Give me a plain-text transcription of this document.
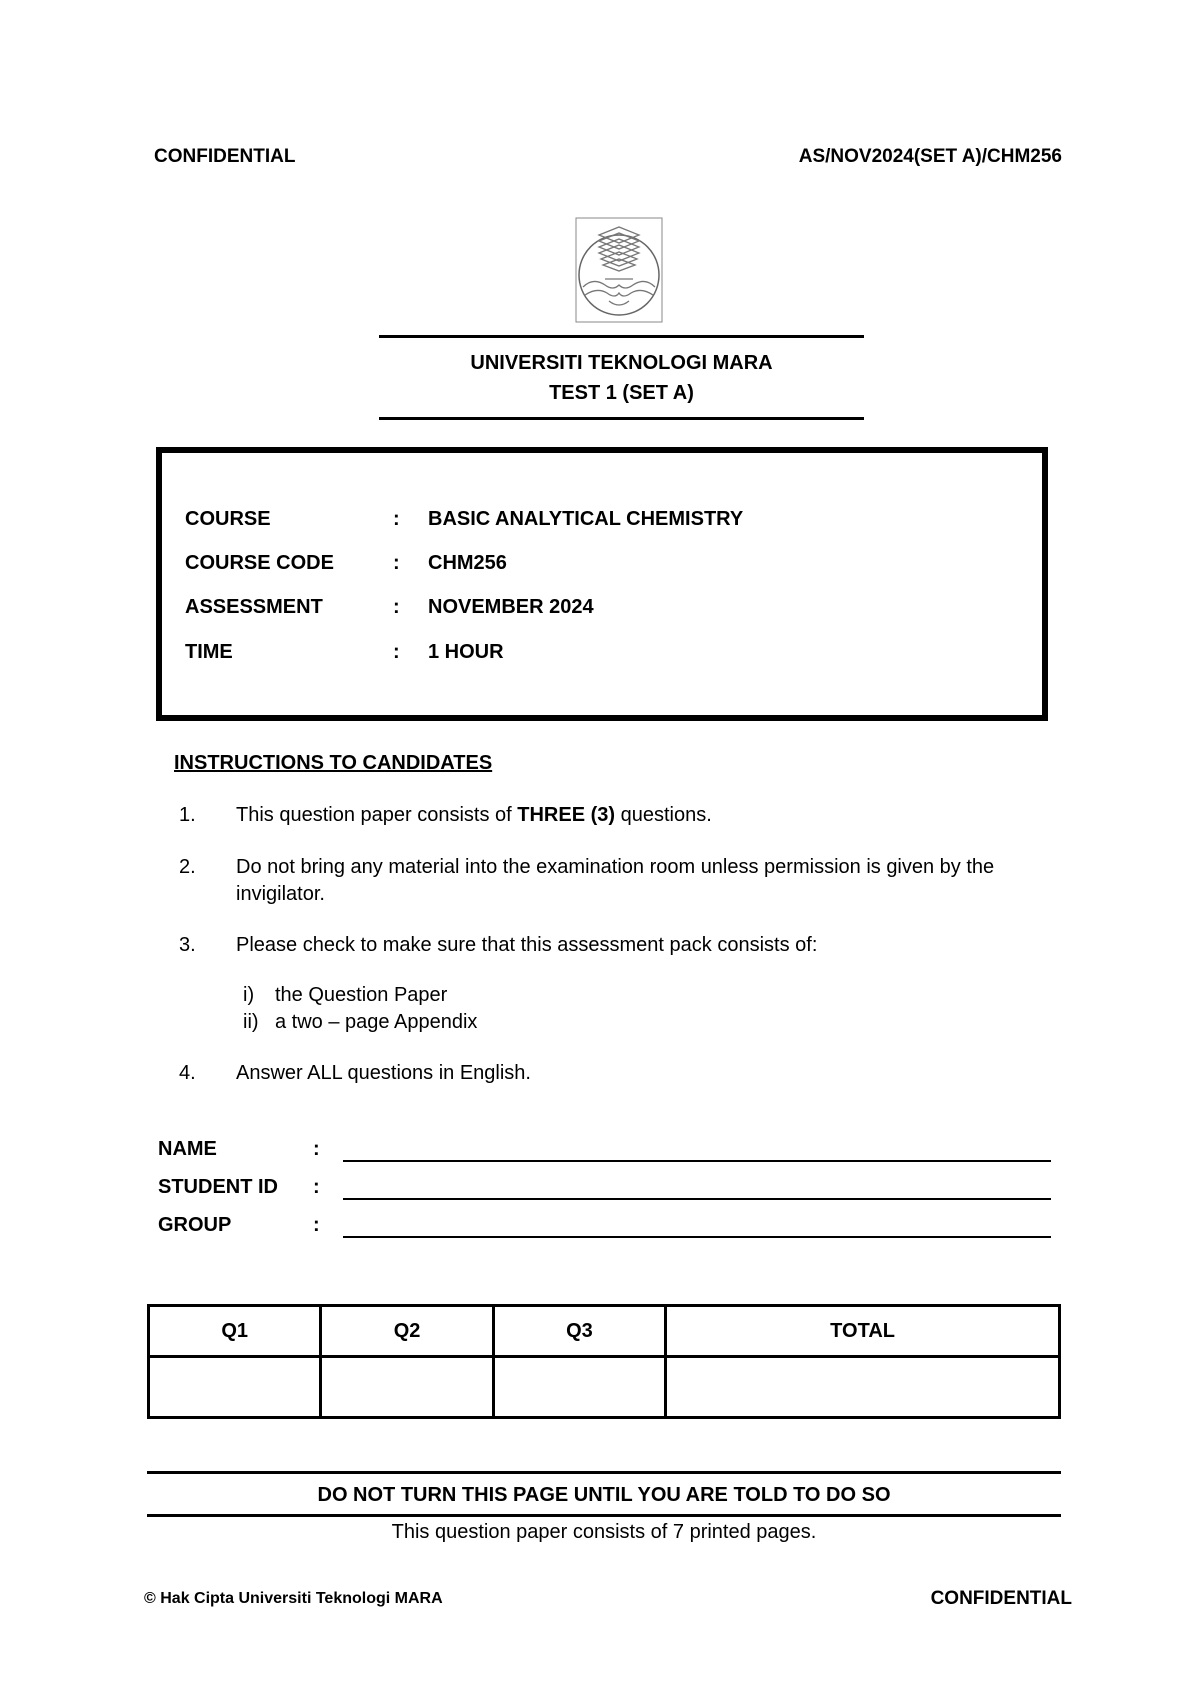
CONFIDENTIAL	AS/NOV2024(SET A)/CHM256
UNIVERSITI TEKNOLOGI MARA
TEST 1 (SET A)
COURSE	: BASIC ANALYTICAL CHEMISTRY
COURSE CODE	: CHM256
ASSESSMENT	: NOVEMBER 2024
TIME	: 1 HOUR
INSTRUCTIONS TO CANDIDATES
1. This question paper consists of THREE (3) questions.
2. Do not bring any material into the examination room unless permission is given by the invigilator.
3. Please check to make sure that this assessment pack consists of:
i) the Question Paper
ii) a two – page Appendix
4. Answer ALL questions in English.
NAME	:
STUDENT ID :
GROUP	:
Q1	Q2	Q3	TOTAL

DO NOT TURN THIS PAGE UNTIL YOU ARE TOLD TO DO SO
This question paper consists of 7 printed pages.
© Hak Cipta Universiti Teknologi MARA	CONFIDENTIAL
